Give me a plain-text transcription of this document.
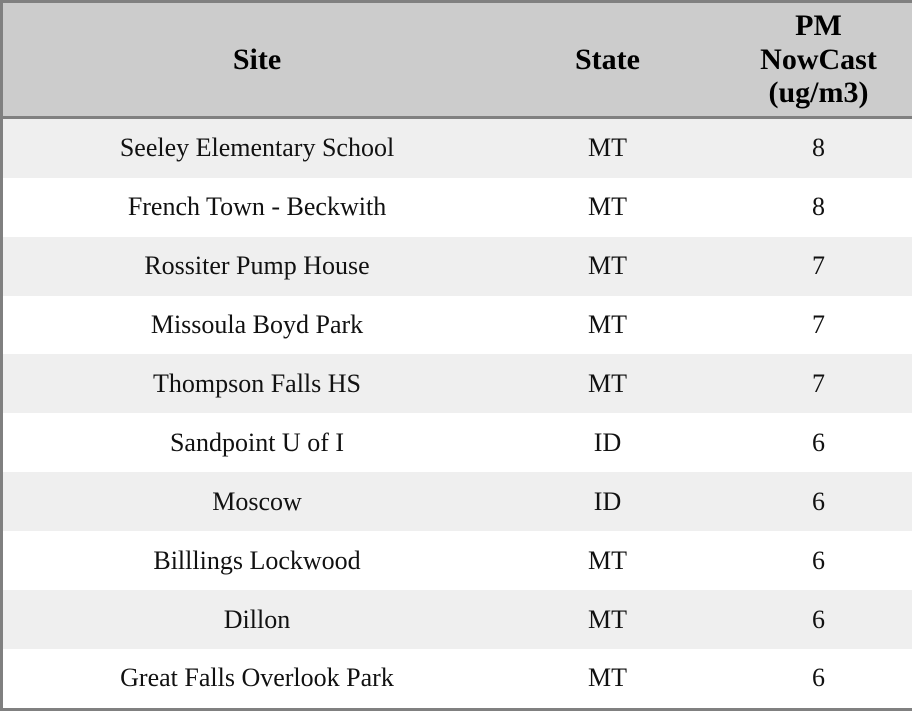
Site	State	PM
NowCast
(ug/m3)

Seeley Elementary School	MT	8
French Town - Beckwith	MT	8
Rossiter Pump House	MT	7
Missoula Boyd Park	MT	7
Thompson Falls HS	MT	7
Sandpoint U of I	ID	6
Moscow	ID	6
Billlings Lockwood	MT	6
Dillon	MT	6
Great Falls Overlook Park	MT	6
